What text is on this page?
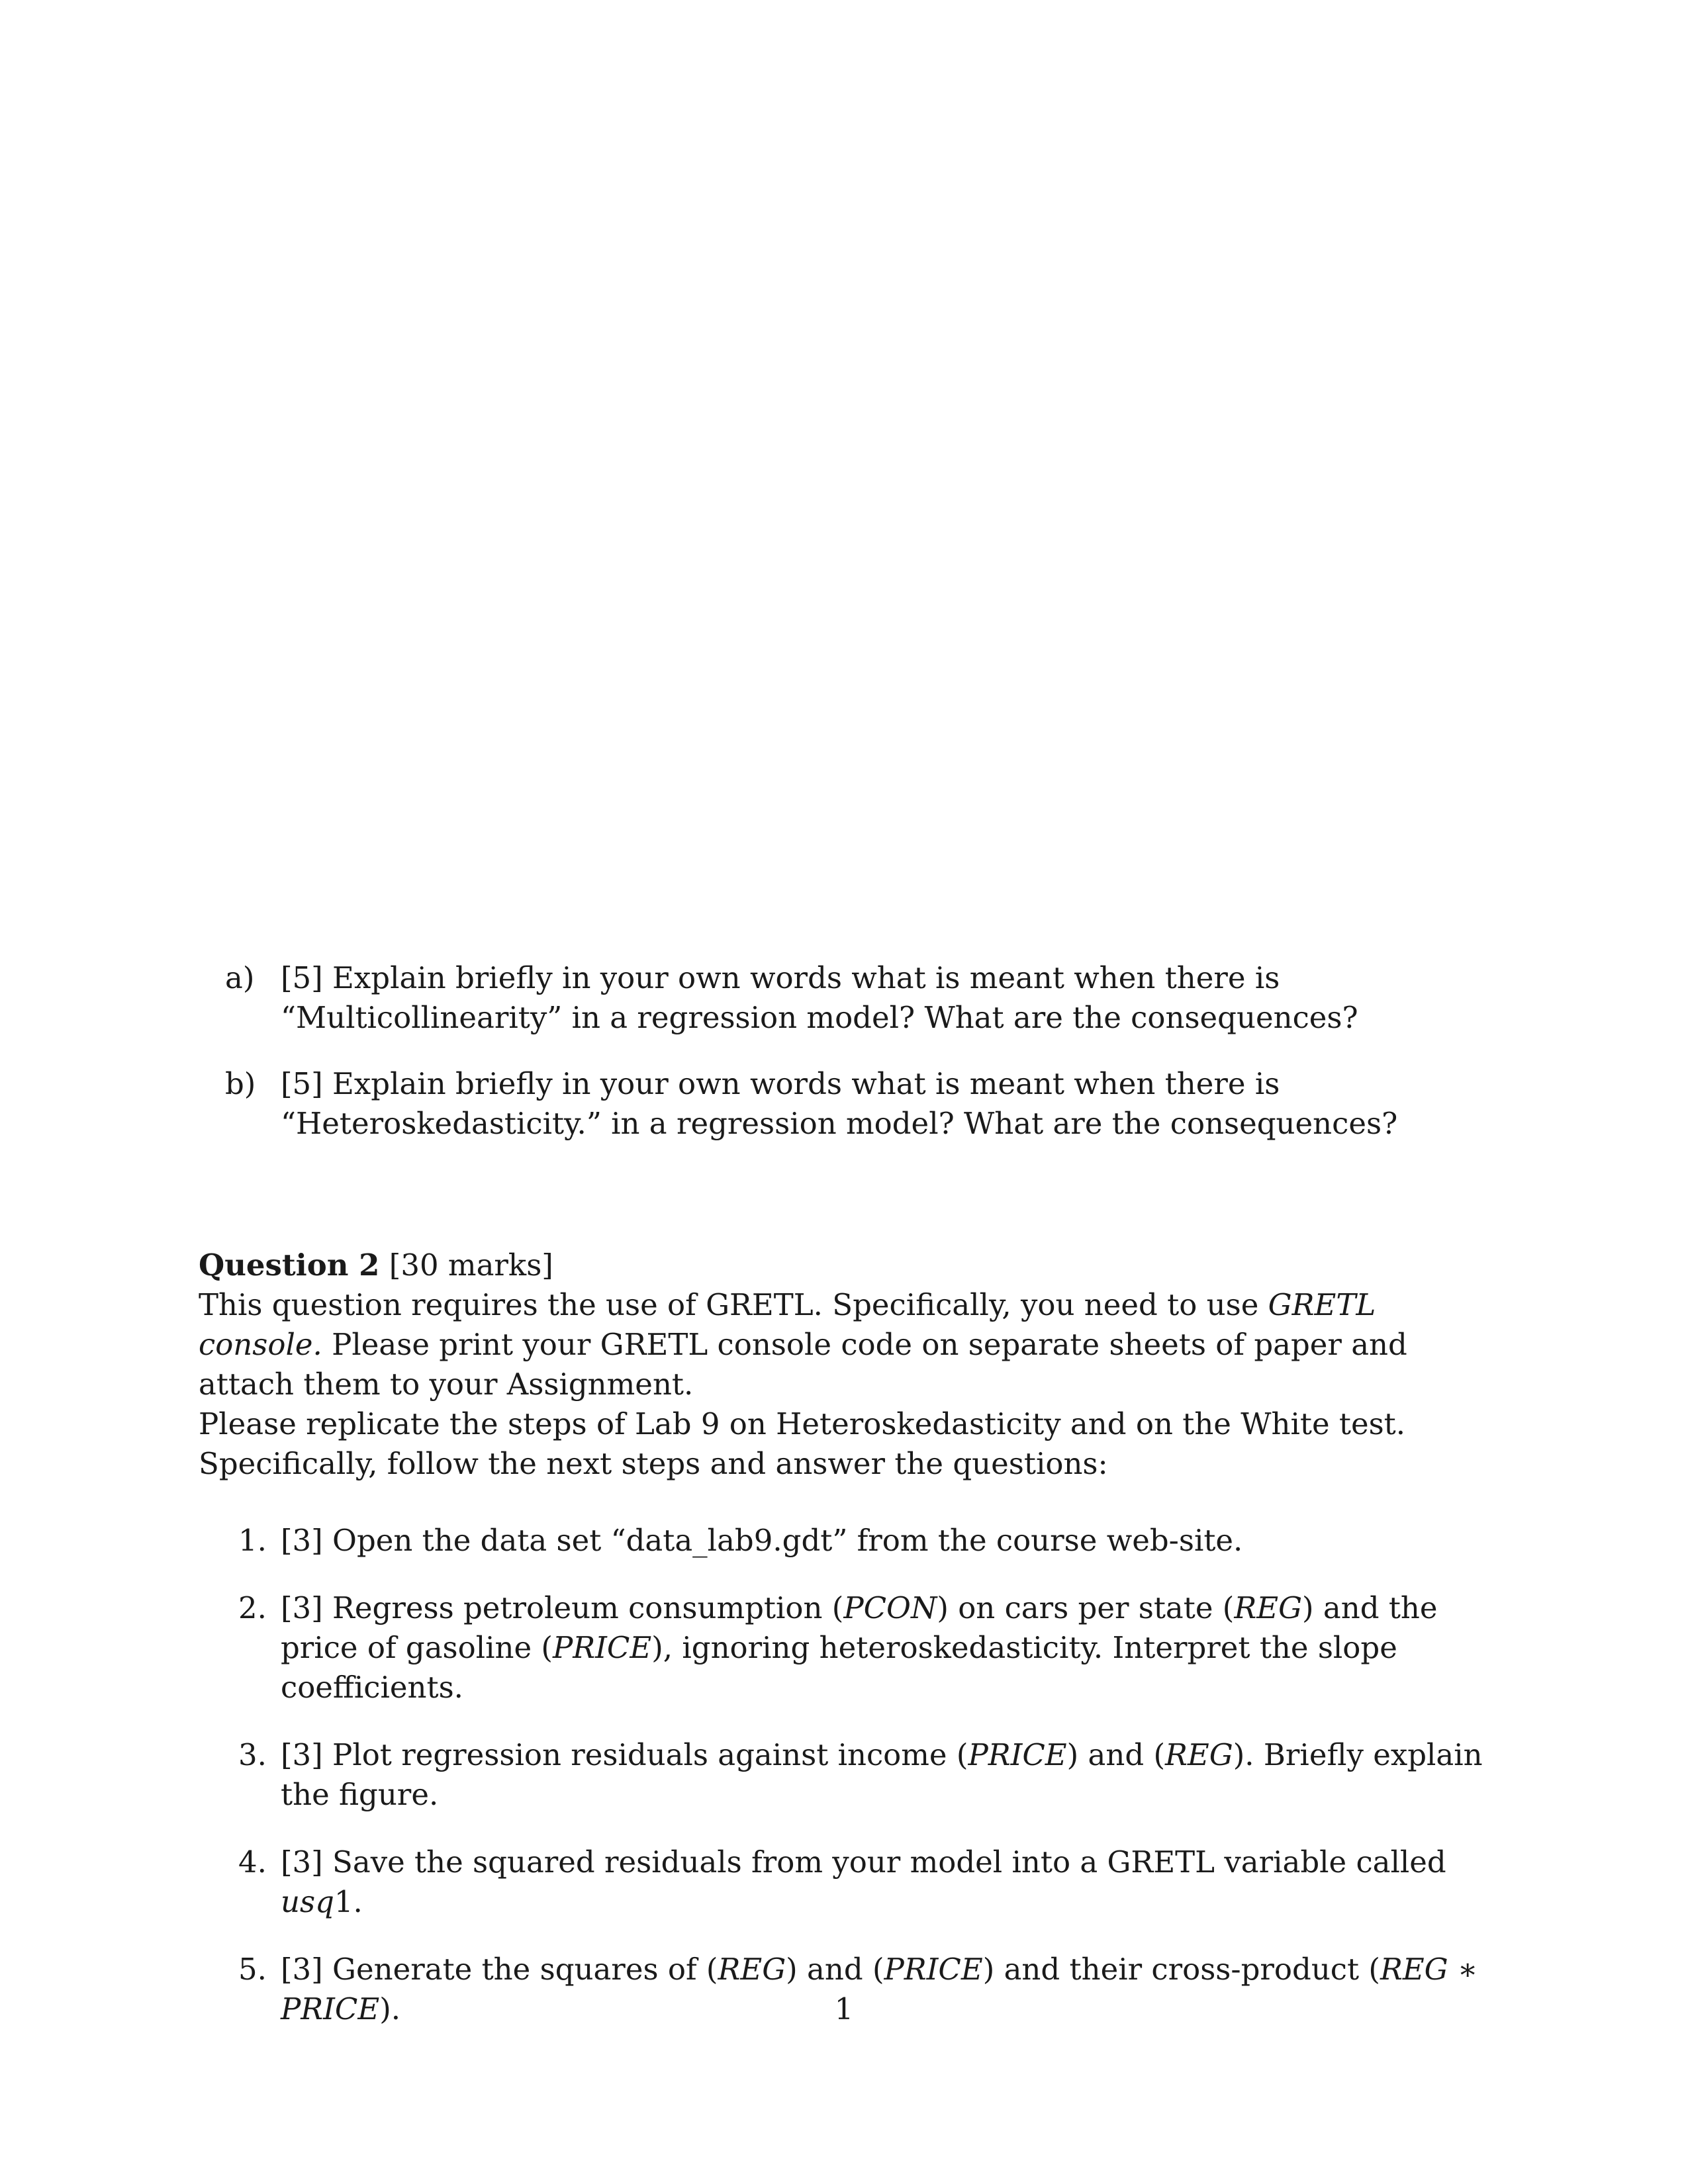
a) [5] Explain briefly in your own words what is meant when there is “Multicollinearity” in a regression model? What are the consequences?
b) [5] Explain briefly in your own words what is meant when there is “Heteroskedasticity.” in a regression model? What are the consequences?

Question 2 [30 marks]

This question requires the use of GRETL. Specifically, you need to use GRETL console. Please print your GRETL console code on separate sheets of paper and attach them to your Assignment.

Please replicate the steps of Lab 9 on Heteroskedasticity and on the White test. Specifically, follow the next steps and answer the questions:

1. [3] Open the data set “data_lab9.gdt” from the course web-site.
2. [3] Regress petroleum consumption (PCON) on cars per state (REG) and the price of gasoline (PRICE), ignoring heteroskedasticity. Interpret the slope coefficients.
3. [3] Plot regression residuals against income (PRICE) and (REG). Briefly explain the figure.
4. [3] Save the squared residuals from your model into a GRETL variable called usq1.
5. [3] Generate the squares of (REG) and (PRICE) and their cross-product (REG ∗ PRICE).	1
